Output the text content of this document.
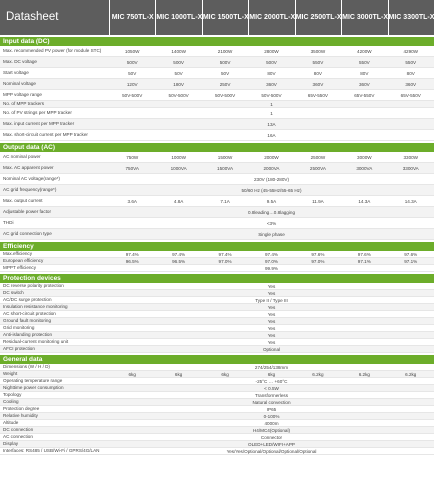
Datasheet	MIC 750TL-X MIC 1000TL-X MIC 1500TL-X MIC 2000TL-X MIC 2500TL-X MIC 3000TL-X MIC 3300TL-X
Input data (DC)
Max. recommended PV power (for module STC)	1050W	1400W	2100W	2800W	3500W	4200W	4290W
Max. DC voltage	500V	500V	500V	500V	550V	550V	550V
Start voltage	50V	50V	50V	80V	80V	80V	80V
Nominal voltage	120V	180V	250V	360V	360V	360V	360V
MPP voltage range	50V-500V	50V-500V	50V-500V	50V-500V	65V-550V	65V-550V	65V-550V
No. of MPP trackers	1
No. of PV strings per MPP tracker	1
Max. input current per MPP tracker	13A
Max. short-circuit current per MPP tracker	16A
Output data (AC)
AC nominal power	750W	1000W	1500W	2000W	2500W	3000W	3300W
Max. AC apparent power	750VA	1000VA	1500VA	2000VA	2500VA	3000VA	3300VA
Nominal AC voltage(range*)	230V (180-280V)
AC grid frequency(range*)	50/60 Hz (45-55Hz/55-65 Hz)
Max. output current	3.6A	4.8A	7.1A	9.5A	11.9A	14.3A	14.3A
Adjustable power factor	0.8leading…0.8lagging
THDi	<3%
AC grid connection type	Single phase
Efficiency
Max.efficiency	97.4%	97.4%	97.4%	97.4%	97.6%	97.6%	97.6%
European efficiency	96.5%	96.5%	97.0%	97.0%	97.0%	97.1%	97.1%
MPPT efficiency	99.9%
Protection devices
DC reverse polarity protection	Yes
DC switch	Yes
AC/DC surge protection	Type II / Type III
Insulation resistance monitoring	Yes
AC short-circuit protection	Yes
Ground fault monitoring	Yes
Grid monitoring	Yes
Anti-islanding protection	Yes
Residual-current monitoring unit	Yes
AFCI protection	Optional
General data
Dimensions (W / H / D)	274/254/138mm
Weight	6kg	6kg	6kg	6kg	6.2kg	6.2kg	6.2kg
Operating temperature range	-25°C … +60°C
Nighttime power consumption	< 0.5W
Topology	Transformerless
Cooling	Natural convection
Protection degree	IP65
Relative humidity	0-100%
Altitude	4000m
DC connection	H4/MC4(Optional)
AC connection	Connector
Display	OLED+LED/WIFI+APP
Interfaces: RS485 / USB/Wi-Fi / GPRS/4G/LAN	Yes/Yes/Optional/Optional/Optional/Optional
